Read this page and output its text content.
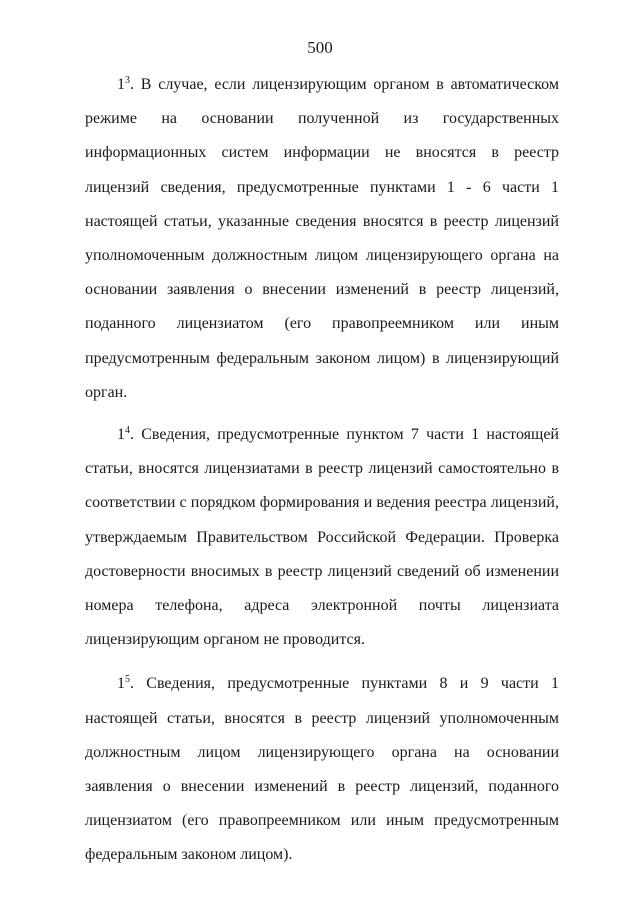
500

$1^3$. В случае, если лицензирующим органом в автоматическом режиме на основании полученной из государственных информационных систем информации не вносятся в реестр лицензий сведения, предусмотренные пунктами 1 - 6 части 1 настоящей статьи, указанные сведения вносятся в реестр лицензий уполномоченным должностным лицом лицензирующего органа на основании заявления о внесении изменений в реестр лицензий, поданного лицензиатом (его правопреемником или иным предусмотренным федеральным законом лицом) в лицензирующий орган.

$1^4$. Сведения, предусмотренные пунктом 7 части 1 настоящей статьи, вносятся лицензиатами в реестр лицензий самостоятельно в соответствии с порядком формирования и ведения реестра лицензий, утверждаемым Правительством Российской Федерации. Проверка достоверности вносимых в реестр лицензий сведений об изменении номера телефона, адреса электронной почты лицензиата лицензирующим органом не проводится.

$1^5$. Сведения, предусмотренные пунктами 8 и 9 части 1 настоящей статьи, вносятся в реестр лицензий уполномоченным должностным лицом лицензирующего органа на основании заявления о внесении изменений в реестр лицензий, поданного лицензиатом (его правопреемником или иным предусмотренным федеральным законом лицом).
